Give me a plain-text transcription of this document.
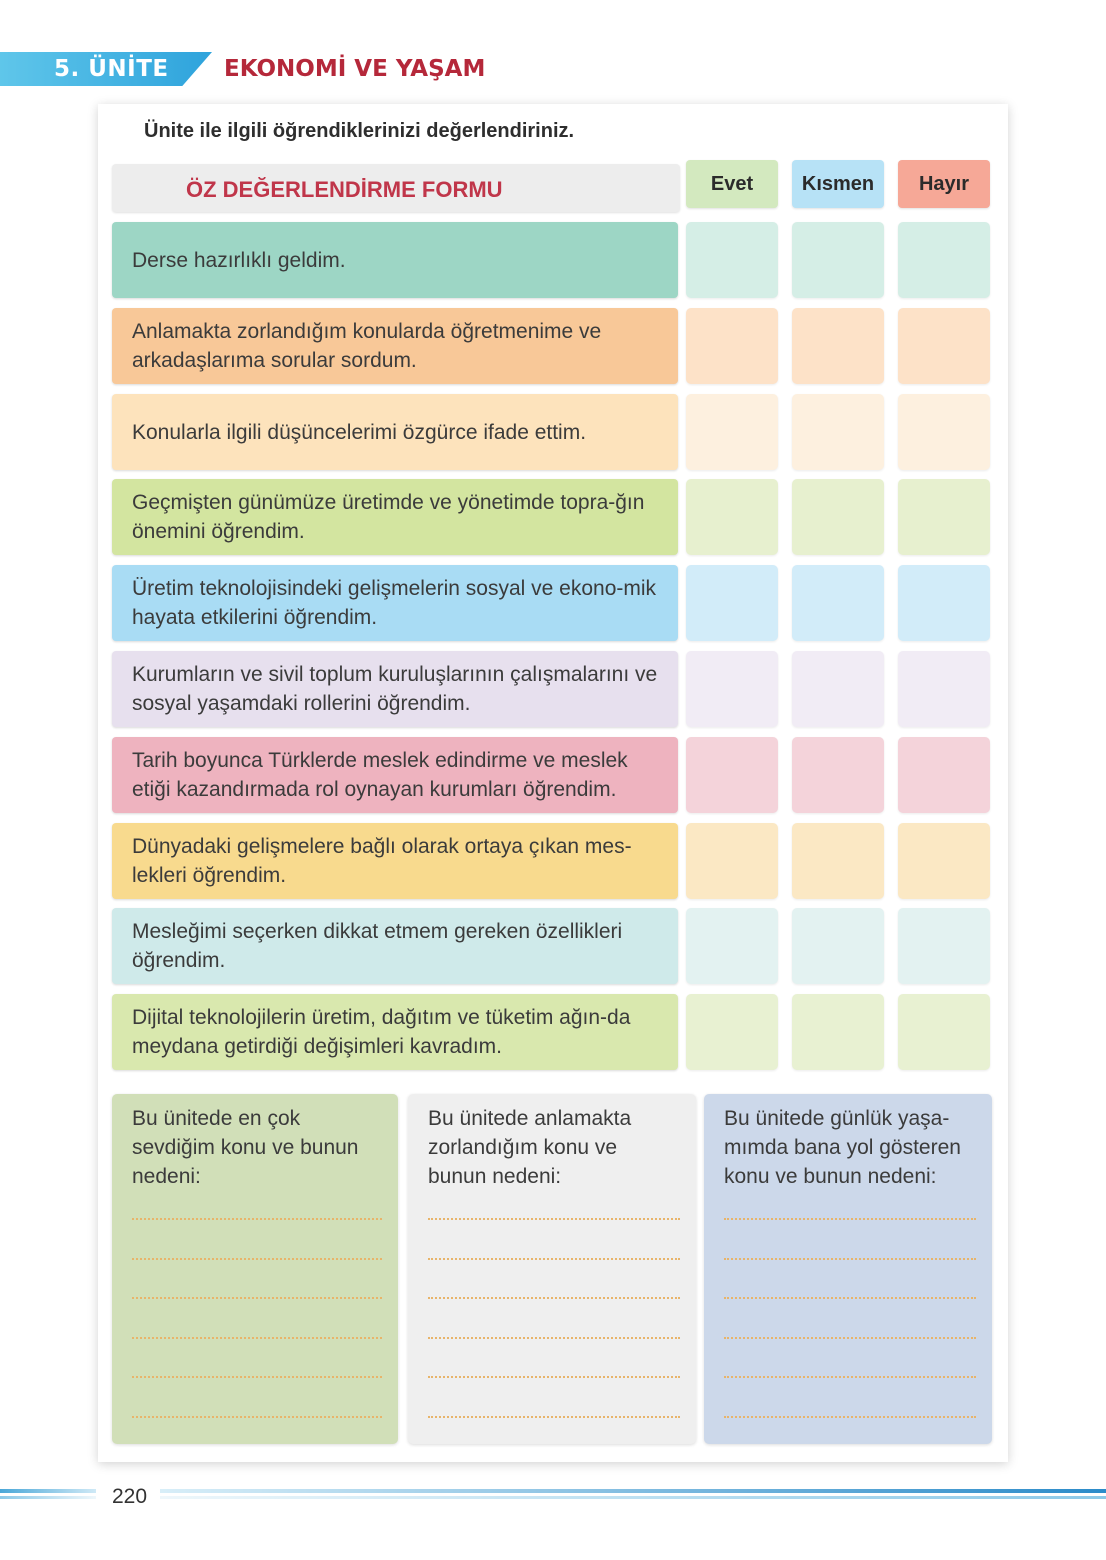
5. ÜNİTE EKONOMİ VE YAŞAM
Ünite ile ilgili öğrendiklerinizi değerlendiriniz.
ÖZ DEĞERLENDİRME FORMU	Evet	Kısmen	Hayır
Derse hazırlıklı geldim.
Anlamakta zorlandığım konularda öğretmenime ve arkadaşlarıma sorular sordum.
Konularla ilgili düşüncelerimi özgürce ifade ettim.
Geçmişten günümüze üretimde ve yönetimde topra-ğın önemini öğrendim.
Üretim teknolojisindeki gelişmelerin sosyal ve ekono-mik hayata etkilerini öğrendim.
Kurumların ve sivil toplum kuruluşlarının çalışmalarını ve sosyal yaşamdaki rollerini öğrendim.
Tarih boyunca Türklerde meslek edindirme ve meslek etiği kazandırmada rol oynayan kurumları öğrendim.
Dünyadaki gelişmelere bağlı olarak ortaya çıkan mes-lekleri öğrendim.
Mesleğimi seçerken dikkat etmem gereken özellikleri öğrendim.
Dijital teknolojilerin üretim, dağıtım ve tüketim ağın-da meydana getirdiği değişimleri kavradım.
Bu ünitede en çok sevdiğim konu ve bunun nedeni:
Bu ünitede anlamakta zorlandığım konu ve bunun nedeni:
Bu ünitede günlük yaşa-mımda bana yol gösteren konu ve bunun nedeni:
220
